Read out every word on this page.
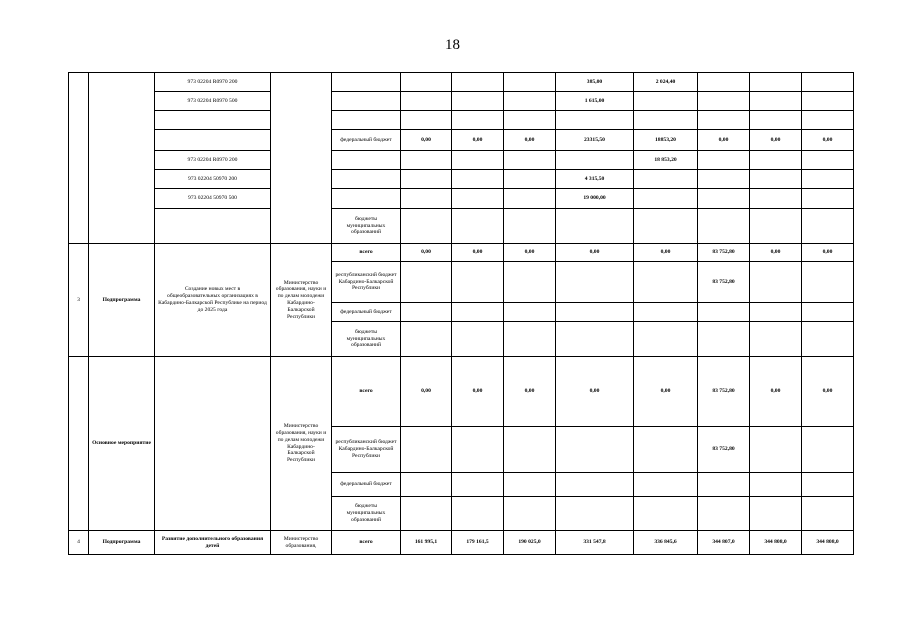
18
		973 02204 R0970 200						385,00	2 024,40			
		973 02204 R0970 500						1 615,00				

				федеральный бюджет	0,00	0,00	0,00	23315,50	18853,20	0,00	0,00	0,00
		973 02204 R0970 200							18 853,20			
		973 02204 50970 200						4 315,50				
		973 02204 50970 500						19 000,00				
				бюджеты муниципальных образований								
3	Подпрограмма	Создание новых мест в общеобразовательных организациях в Кабардино-Балкарской Республике на период до 2025 года	Министерство образования, науки и по делам молодежи Кабардино-Балкарской Республики	всего	0,00	0,00	0,00	0,00	0,00	83 752,80	0,00	0,00
				республиканский бюджет Кабардино-Балкарской Республики						83 752,80		
				федеральный бюджет								
				бюджеты муниципальных образований								
	Основное мероприятие		Министерство образования, науки и по делам молодежи Кабардино-Балкарской Республики	всего	0,00	0,00	0,00	0,00	0,00	83 752,80	0,00	0,00
				республиканский бюджет Кабардино-Балкарской Республики						83 752,80		
				федеральный бюджет								
				бюджеты муниципальных образований								
4	Подпрограмма	Развитие дополнительного образования детей	Министерство образования,	всего	161 995,1	179 161,5	190 025,0	331 547,8	336 845,6	344 807,0	344 808,0	344 808,0
